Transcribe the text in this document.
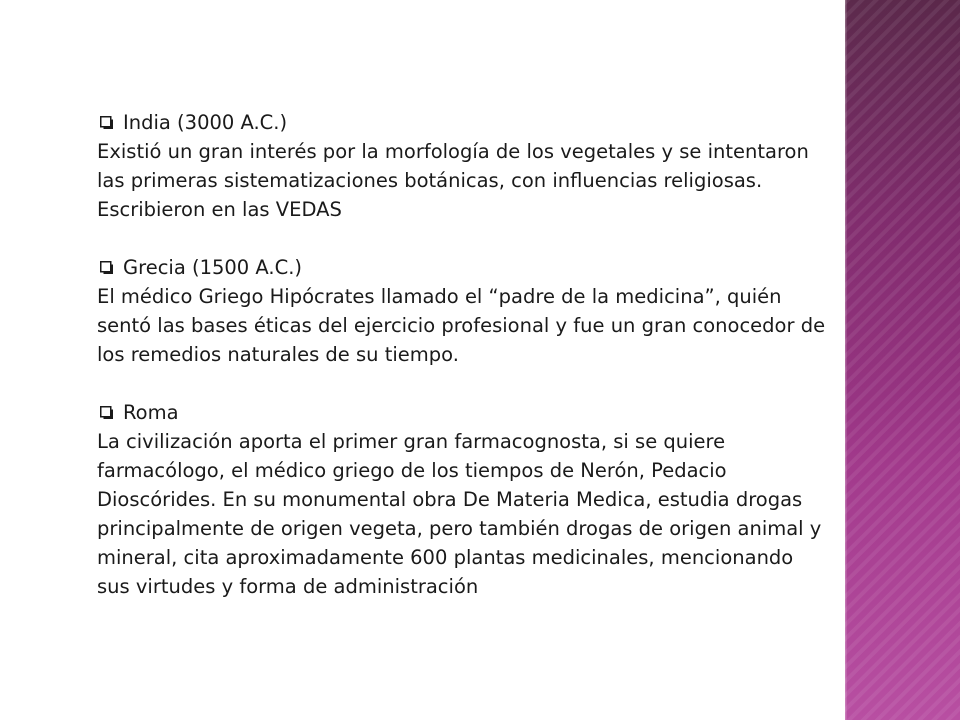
India (3000 A.C.)

Existió un gran interés por la morfología de los vegetales y se intentaron las primeras sistematizaciones botánicas, con influencias religiosas. Escribieron en las VEDAS

Grecia (1500 A.C.)

El médico Griego Hipócrates llamado el “padre de la medicina”, quién sentó las bases éticas del ejercicio profesional y fue un gran conocedor de los remedios naturales de su tiempo.

Roma

La civilización aporta el primer gran farmacognosta, si se quiere farmacólogo, el médico griego de los tiempos de Nerón, Pedacio Dioscórides. En su monumental obra De Materia Medica, estudia drogas principalmente de origen vegeta, pero también drogas de origen animal y mineral, cita aproximadamente 600 plantas medicinales, mencionando sus virtudes y forma de administración
